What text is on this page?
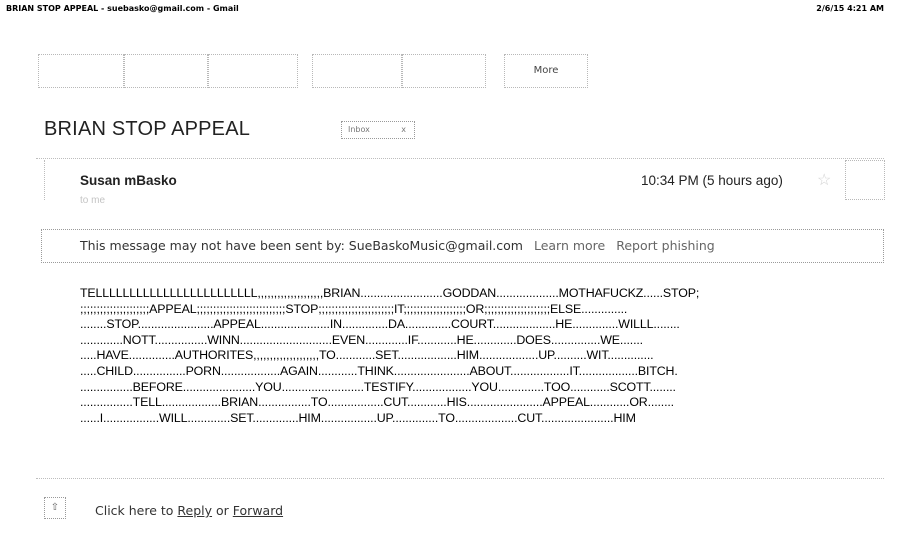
BRIAN STOP APPEAL - suebasko@gmail.com - Gmail	2/6/15 4:21 AM
More
BRIAN STOP APPEAL	Inbox	x
Susan mBasko
to me
10:34 PM (5 hours ago) ☆
This message may not have been sent by: SueBaskoMusic@gmail.com Learn more Report phishing
TELLLLLLLLLLLLLLLLLLLLLLLL,,,,,,,,,,,,,,,,,,,,BRIAN.........................GODDAN...................MOTHAFUCKZ......STOP;
;;;;;;;;;;;;;;;;;;;;;APPEAL;;;;;;;;;;;;;;;;;;;;;;;;;;;STOP;;;;;;;;;;;;;;;;;;;;;;;IT;;;;;;;;;;;;;;;;;;;OR;;;;;;;;;;;;;;;;;;;;ELSE..............
........STOP.......................APPEAL.....................IN..............DA..............COURT...................HE..............WILLL........
.............NOTT................WINN............................EVEN.............IF............HE.............DOES...............WE.......
.....HAVE..............AUTHORITES,,,,,,,,,,,,,,,,,,,,TO............SET..................HIM..................UP..........WIT..............
.....CHILD................PORN..................AGAIN............THINK.......................ABOUT..................IT..................BITCH.
................BEFORE......................YOU.........................TESTIFY..................YOU..............TOO............SCOTT........
................TELL..................BRIAN................TO.................CUT............HIS.......................APPEAL............OR........
......I.................WILL.............SET..............HIM.................UP..............TO...................CUT......................HIM
⇧	Click here to Reply or Forward
